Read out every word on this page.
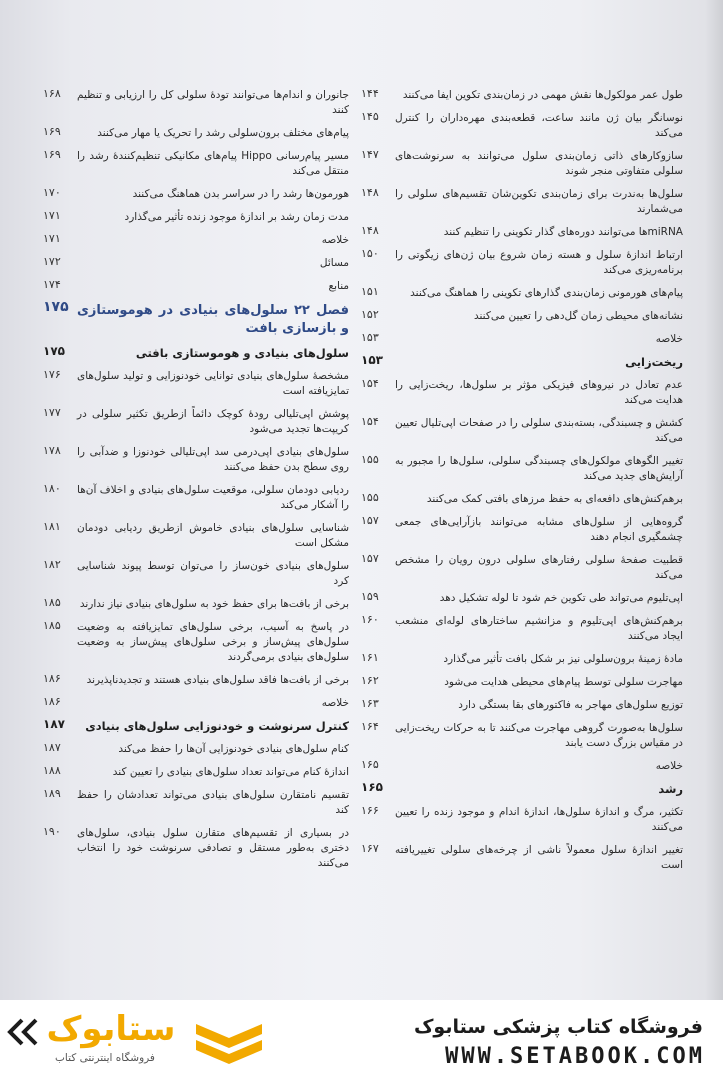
طول عمر مولکول‌ها نقش مهمی در زمان‌بندی تکوین ایفا می‌کنند
۱۴۴
نوسانگر بیان ژن مانند ساعت، قطعه‌بندی مهره‌داران را کنترل می‌کند
۱۴۵
سازوکارهای ذاتی زمان‌بندی سلول می‌توانند به سرنوشت‌های سلولی متفاوتی منجر شوند
۱۴۷
سلول‌ها به‌ندرت برای زمان‌بندی تکوین‌شان تقسیم‌های سلولی را می‌شمارند
۱۴۸
miRNAها می‌توانند دوره‌های گذار تکوینی را تنظیم کنند
۱۴۸
ارتباط اندازهٔ سلول و هسته زمان شروع بیان ژن‌های زیگوتی را برنامه‌ریزی می‌کند
۱۵۰
پیام‌های هورمونی زمان‌بندی گذارهای تکوینی را هماهنگ می‌کنند
۱۵۱
نشانه‌های محیطی زمان گل‌دهی را تعیین می‌کنند
۱۵۲
خلاصه
۱۵۳
ریخت‌زایی
۱۵۳
عدم تعادل در نیروهای فیزیکی مؤثر بر سلول‌ها، ریخت‌زایی را هدایت می‌کند
۱۵۴
کشش و چسبندگی، بسته‌بندی سلولی را در صفحات اپی‌تلیال تعیین می‌کند
۱۵۴
تغییر الگوهای مولکول‌های چسبندگی سلولی، سلول‌ها را مجبور به آرایش‌های جدید می‌کند
۱۵۵
برهم‌کنش‌های دافعه‌ای به حفظ مرزهای بافتی کمک می‌کنند
۱۵۵
گروه‌هایی از سلول‌های مشابه می‌توانند بازآرایی‌های جمعی چشمگیری انجام دهند
۱۵۷
قطبیت صفحهٔ سلولی رفتارهای سلولی درون رویان را مشخص می‌کند
۱۵۷
اپی‌تلیوم می‌تواند طی تکوین خم شود تا لوله تشکیل دهد
۱۵۹
برهم‌کنش‌های اپی‌تلیوم و مزانشیم ساختارهای لوله‌ای منشعب ایجاد می‌کنند
۱۶۰
مادهٔ زمینهٔ برون‌سلولی نیز بر شکل بافت تأثیر می‌گذارد
۱۶۱
مهاجرت سلولی توسط پیام‌های محیطی هدایت می‌شود
۱۶۲
توزیع سلول‌های مهاجر به فاکتورهای بقا بستگی دارد
۱۶۳
سلول‌ها به‌صورت گروهی مهاجرت می‌کنند تا به حرکات ریخت‌زایی در مقیاس بزرگ دست یابند
۱۶۴
خلاصه
۱۶۵
رشد
۱۶۵
تکثیر، مرگ و اندازهٔ سلول‌ها، اندازهٔ اندام و موجود زنده را تعیین می‌کنند
۱۶۶
تغییر اندازهٔ سلول معمولاً ناشی از چرخه‌های سلولی تغییریافته است
۱۶۷
جانوران و اندام‌ها می‌توانند تودهٔ سلولی کل را ارزیابی و تنظیم کنند
۱۶۸
پیام‌های مختلف برون‌سلولی رشد را تحریک یا مهار می‌کنند
۱۶۹
مسیر پیام‌رسانی Hippo پیام‌های مکانیکی تنظیم‌کنندهٔ رشد را منتقل می‌کند
۱۶۹
هورمون‌ها رشد را در سراسر بدن هماهنگ می‌کنند
۱۷۰
مدت زمان رشد بر اندازهٔ موجود زنده تأثیر می‌گذارد
۱۷۱
خلاصه
۱۷۱
مسائل
۱۷۲
منابع
۱۷۴
فصل ۲۲ سلول‌های بنیادی در هوموستازی و بازسازی بافت
۱۷۵
سلول‌های بنیادی و هوموستازی بافتی
۱۷۵
مشخصهٔ سلول‌های بنیادی توانایی خودنوزایی و تولید سلول‌های تمایزیافته است
۱۷۶
پوشش اپی‌تلیالی رودهٔ کوچک دائماً ازطریق تکثیر سلولی در کریپت‌ها تجدید می‌شود
۱۷۷
سلول‌های بنیادی اپی‌درمی سد اپی‌تلیالی خودنوزا و ضدآبی را روی سطح بدن حفظ می‌کنند
۱۷۸
ردیابی دودمان سلولی، موقعیت سلول‌های بنیادی و اخلاف آن‌ها را آشکار می‌کند
۱۸۰
شناسایی سلول‌های بنیادی خاموش ازطریق ردیابی دودمان مشکل است
۱۸۱
سلول‌های بنیادی خون‌ساز را می‌توان توسط پیوند شناسایی کرد
۱۸۲
برخی از بافت‌ها برای حفظ خود به سلول‌های بنیادی نیاز ندارند
۱۸۵
در پاسخ به آسیب، برخی سلول‌های تمایزیافته به وضعیت سلول‌های پیش‌ساز و برخی سلول‌های پیش‌ساز به وضعیت سلول‌های بنیادی برمی‌گردند
۱۸۵
برخی از بافت‌ها فاقد سلول‌های بنیادی هستند و تجدیدناپذیرند
۱۸۶
خلاصه
۱۸۶
کنترل سرنوشت و خودنوزایی سلول‌های بنیادی
۱۸۷
کنام سلول‌های بنیادی خودنوزایی آن‌ها را حفظ می‌کند
۱۸۷
اندازهٔ کنام می‌تواند تعداد سلول‌های بنیادی را تعیین کند
۱۸۸
تقسیم نامتقارن سلول‌های بنیادی می‌تواند تعدادشان را حفظ کند
۱۸۹
در بسیاری از تقسیم‌های متقارن سلول بنیادی، سلول‌های دختری به‌طور مستقل و تصادفی سرنوشت خود را انتخاب می‌کنند
۱۹۰
فروشگاه کتاب پزشکی ستابوک
WWW.SETABOOK.COM
ستابوک
فروشگاه اینترنتی کتاب
